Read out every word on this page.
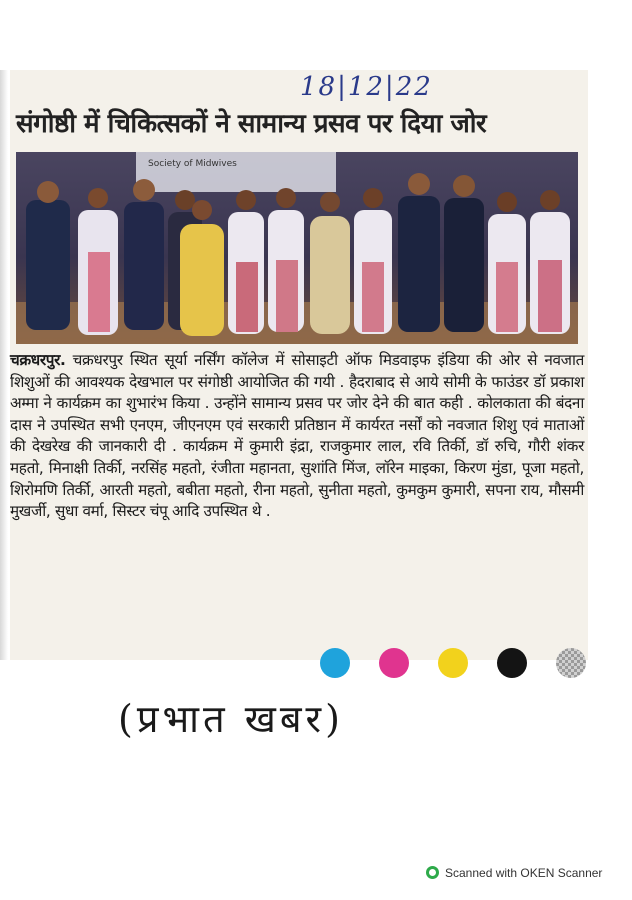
18|12|22
संगोष्ठी में चिकित्सकों ने सामान्य प्रसव पर दिया जोर
Society of Midwives

चक्रधरपुर. चक्रधरपुर स्थित सूर्या नर्सिंग कॉलेज में सोसाइटी ऑफ मिडवाइफ इंडिया की ओर से नवजात शिशुओं की आवश्यक देखभाल पर संगोष्ठी आयोजित की गयी . हैदराबाद से आये सोमी के फाउंडर डॉ प्रकाश अम्मा ने कार्यक्रम का शुभारंभ किया . उन्होंने सामान्य प्रसव पर जोर देने की बात कही . कोलकाता की बंदना दास ने उपस्थित सभी एनएम, जीएनएम एवं सरकारी प्रतिष्ठान में कार्यरत नर्सों को नवजात शिशु एवं माताओं की देखरेख की जानकारी दी . कार्यक्रम में कुमारी इंद्रा, राजकुमार लाल, रवि तिर्की, डॉ रुचि, गौरी शंकर महतो, मिनाक्षी तिर्की, नरसिंह महतो, रंजीता महानता, सुशांति मिंज, लॉरेन माइका, किरण मुंडा, पूजा महतो, शिरोमणि तिर्की, आरती महतो, बबीता महतो, रीना महतो, सुनीता महतो, कुमकुम कुमारी, सपना राय, मौसमी मुखर्जी, सुधा वर्मा, सिस्टर चंपू आदि उपस्थित थे .

(प्रभात खबर)
Scanned with OKEN Scanner
